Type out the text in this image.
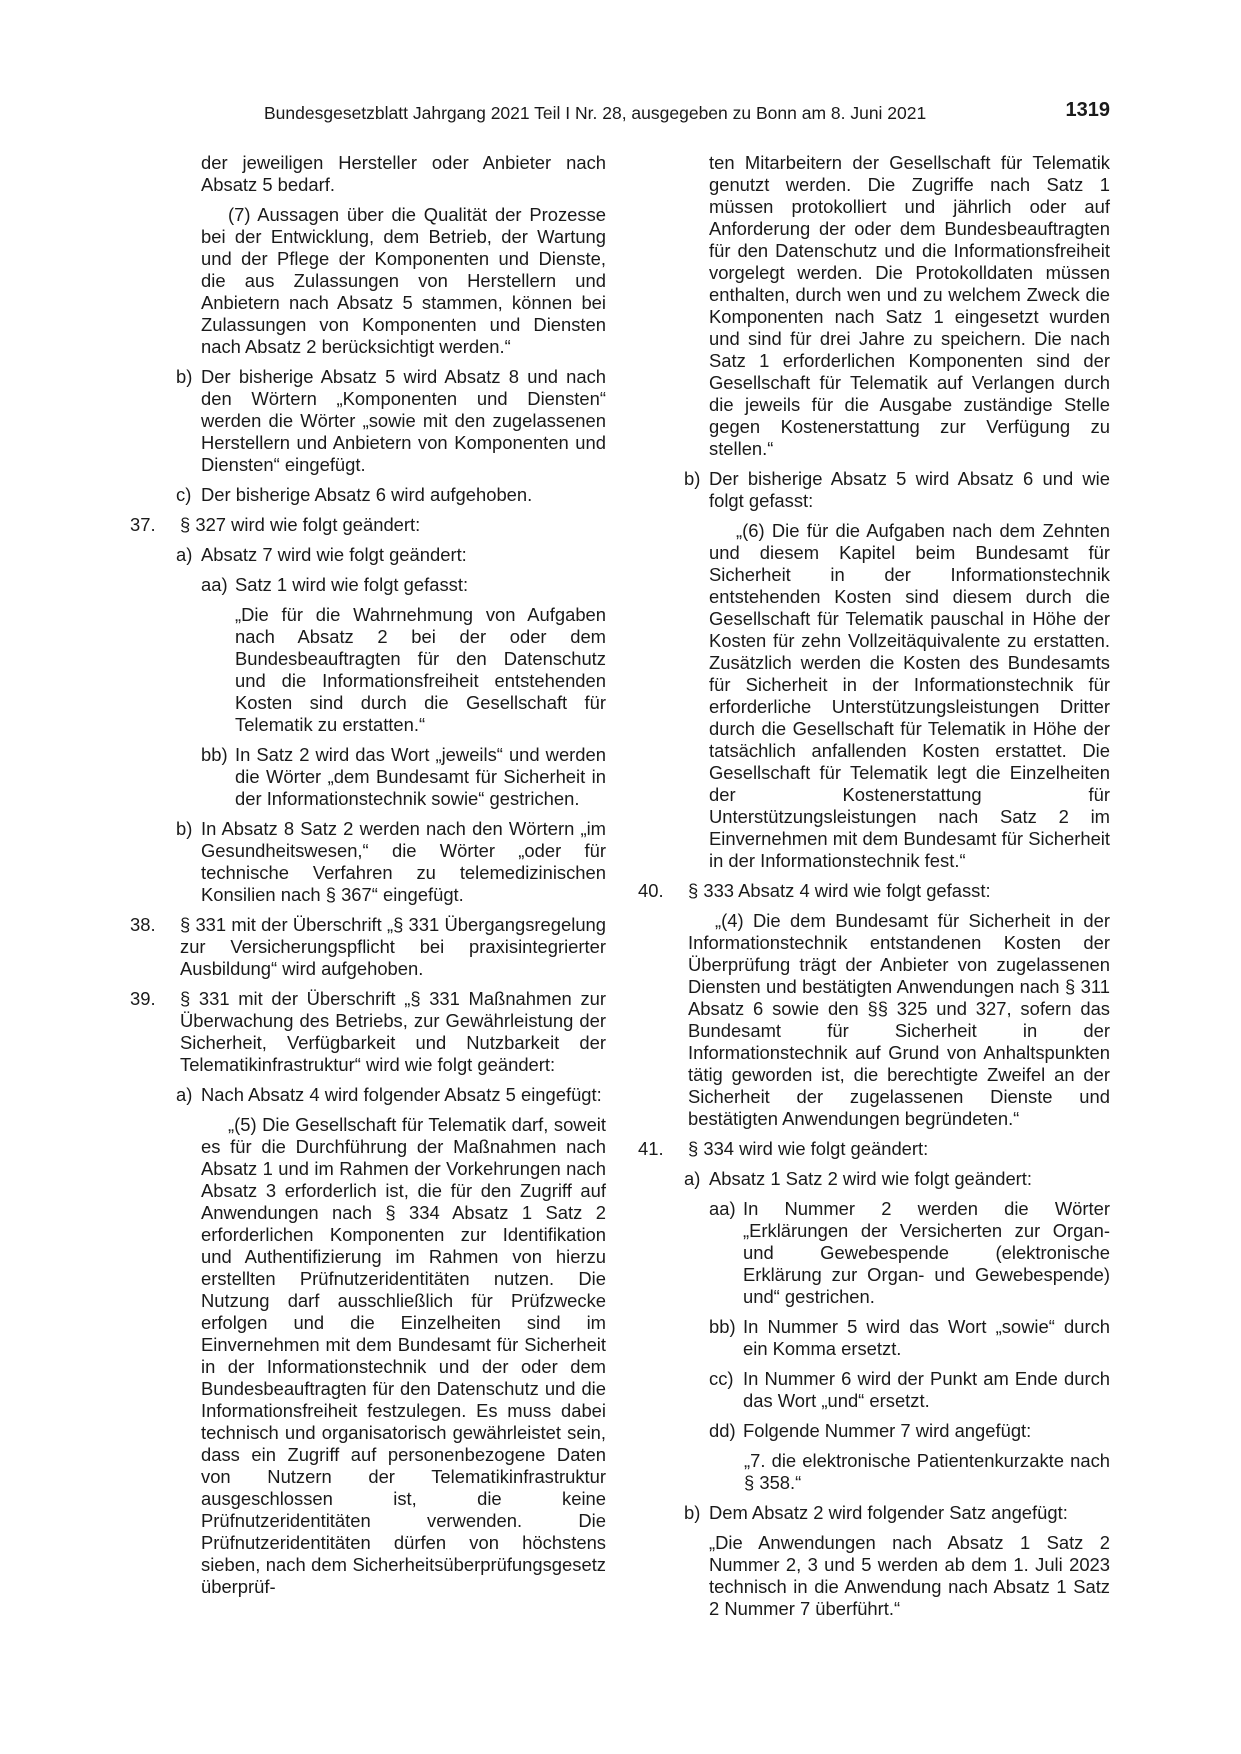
Bundesgesetzblatt Jahrgang 2021 Teil I Nr. 28, ausgegeben zu Bonn am 8. Juni 2021	1319

der jeweiligen Hersteller oder Anbieter nach Absatz 5 bedarf.

(7) Aussagen über die Qualität der Prozesse bei der Entwicklung, dem Betrieb, der Wartung und der Pflege der Komponenten und Dienste, die aus Zulassungen von Herstellern und Anbietern nach Absatz 5 stammen, können bei Zulassungen von Komponenten und Diensten nach Absatz 2 berücksichtigt werden.“

b) Der bisherige Absatz 5 wird Absatz 8 und nach den Wörtern „Komponenten und Diensten“ werden die Wörter „sowie mit den zugelassenen Herstellern und Anbietern von Komponenten und Diensten“ eingefügt.

c) Der bisherige Absatz 6 wird aufgehoben.

37. § 327 wird wie folgt geändert:

a) Absatz 7 wird wie folgt geändert:

aa) Satz 1 wird wie folgt gefasst:

„Die für die Wahrnehmung von Aufgaben nach Absatz 2 bei der oder dem Bundesbeauftragten für den Datenschutz und die Informationsfreiheit entstehenden Kosten sind durch die Gesellschaft für Telematik zu erstatten.“

bb) In Satz 2 wird das Wort „jeweils“ und werden die Wörter „dem Bundesamt für Sicherheit in der Informationstechnik sowie“ gestrichen.

b) In Absatz 8 Satz 2 werden nach den Wörtern „im Gesundheitswesen,“ die Wörter „oder für technische Verfahren zu telemedizinischen Konsilien nach § 367“ eingefügt.

38. § 331 mit der Überschrift „§ 331 Übergangsregelung zur Versicherungspflicht bei praxisintegrierter Ausbildung“ wird aufgehoben.

39. § 331 mit der Überschrift „§ 331 Maßnahmen zur Überwachung des Betriebs, zur Gewährleistung der Sicherheit, Verfügbarkeit und Nutzbarkeit der Telematikinfrastruktur“ wird wie folgt geändert:

a) Nach Absatz 4 wird folgender Absatz 5 eingefügt:

„(5) Die Gesellschaft für Telematik darf, soweit es für die Durchführung der Maßnahmen nach Absatz 1 und im Rahmen der Vorkehrungen nach Absatz 3 erforderlich ist, die für den Zugriff auf Anwendungen nach § 334 Absatz 1 Satz 2 erforderlichen Komponenten zur Identifikation und Authentifizierung im Rahmen von hierzu erstellten Prüfnutzeridentitäten nutzen. Die Nutzung darf ausschließlich für Prüfzwecke erfolgen und die Einzelheiten sind im Einvernehmen mit dem Bundesamt für Sicherheit in der Informationstechnik und der oder dem Bundesbeauftragten für den Datenschutz und die Informationsfreiheit festzulegen. Es muss dabei technisch und organisatorisch gewährleistet sein, dass ein Zugriff auf personenbezogene Daten von Nutzern der Telematikinfrastruktur ausgeschlossen ist, die keine Prüfnutzeridentitäten verwenden. Die Prüfnutzeridentitäten dürfen von höchstens sieben, nach dem Sicherheitsüberprüfungsgesetz überprüf-

ten Mitarbeitern der Gesellschaft für Telematik genutzt werden. Die Zugriffe nach Satz 1 müssen protokolliert und jährlich oder auf Anforderung der oder dem Bundesbeauftragten für den Datenschutz und die Informationsfreiheit vorgelegt werden. Die Protokolldaten müssen enthalten, durch wen und zu welchem Zweck die Komponenten nach Satz 1 eingesetzt wurden und sind für drei Jahre zu speichern. Die nach Satz 1 erforderlichen Komponenten sind der Gesellschaft für Telematik auf Verlangen durch die jeweils für die Ausgabe zuständige Stelle gegen Kostenerstattung zur Verfügung zu stellen.“

b) Der bisherige Absatz 5 wird Absatz 6 und wie folgt gefasst:

„(6) Die für die Aufgaben nach dem Zehnten und diesem Kapitel beim Bundesamt für Sicherheit in der Informationstechnik entstehenden Kosten sind diesem durch die Gesellschaft für Telematik pauschal in Höhe der Kosten für zehn Vollzeitäquivalente zu erstatten. Zusätzlich werden die Kosten des Bundesamts für Sicherheit in der Informationstechnik für erforderliche Unterstützungsleistungen Dritter durch die Gesellschaft für Telematik in Höhe der tatsächlich anfallenden Kosten erstattet. Die Gesellschaft für Telematik legt die Einzelheiten der Kostenerstattung für Unterstützungsleistungen nach Satz 2 im Einvernehmen mit dem Bundesamt für Sicherheit in der Informationstechnik fest.“

40. § 333 Absatz 4 wird wie folgt gefasst:

„(4) Die dem Bundesamt für Sicherheit in der Informationstechnik entstandenen Kosten der Überprüfung trägt der Anbieter von zugelassenen Diensten und bestätigten Anwendungen nach § 311 Absatz 6 sowie den §§ 325 und 327, sofern das Bundesamt für Sicherheit in der Informationstechnik auf Grund von Anhaltspunkten tätig geworden ist, die berechtigte Zweifel an der Sicherheit der zugelassenen Dienste und bestätigten Anwendungen begründeten.“

41. § 334 wird wie folgt geändert:

a) Absatz 1 Satz 2 wird wie folgt geändert:

aa) In Nummer 2 werden die Wörter „Erklärungen der Versicherten zur Organ- und Gewebespende (elektronische Erklärung zur Organ- und Gewebespende) und“ gestrichen.

bb) In Nummer 5 wird das Wort „sowie“ durch ein Komma ersetzt.

cc) In Nummer 6 wird der Punkt am Ende durch das Wort „und“ ersetzt.

dd) Folgende Nummer 7 wird angefügt:

„7. die elektronische Patientenkurzakte nach § 358.“

b) Dem Absatz 2 wird folgender Satz angefügt:

„Die Anwendungen nach Absatz 1 Satz 2 Nummer 2, 3 und 5 werden ab dem 1. Juli 2023 technisch in die Anwendung nach Absatz 1 Satz 2 Nummer 7 überführt.“
